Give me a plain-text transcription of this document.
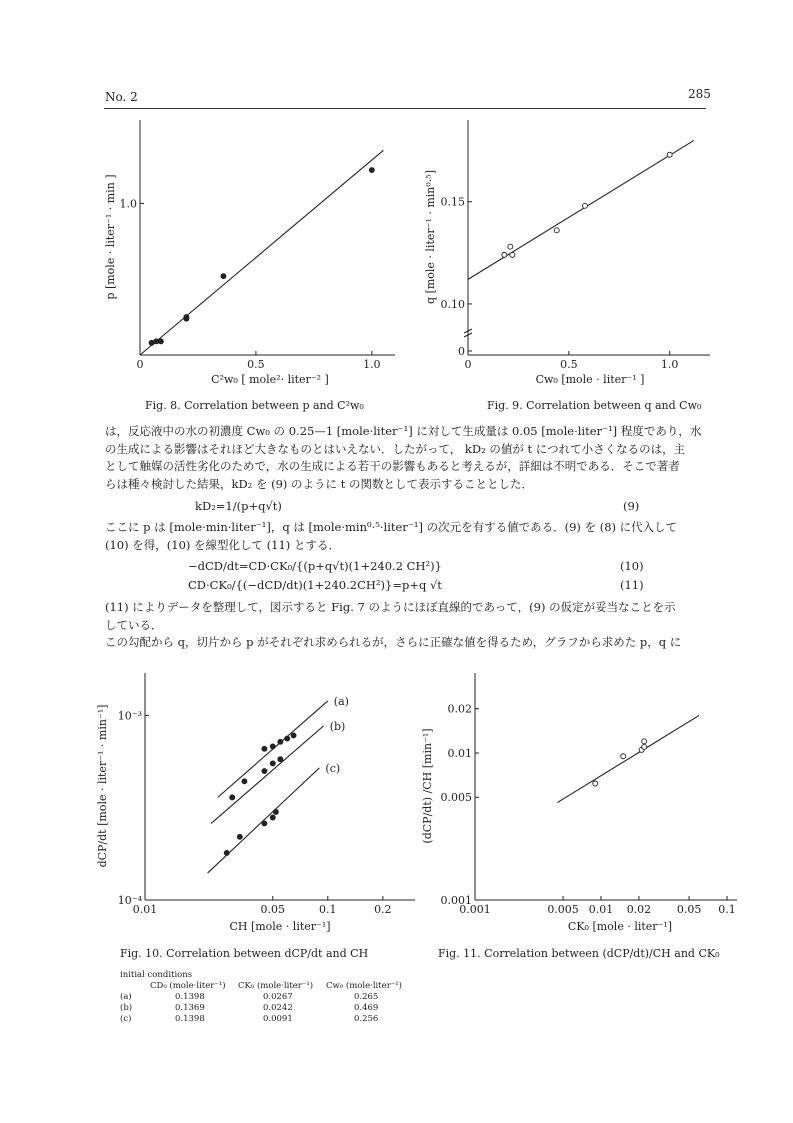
No. 2	285
0	0.5	1.0
1.0
p [mole · liter⁻¹ · min ]
C²w₀ [ mole²· liter⁻² ]
Fig. 8. Correlation between p and C²w₀
0	0.5	1.0
0
0.10
0.15
q [mole · liter⁻¹ · min⁰·⁵]
Cw₀ [mole · liter⁻¹ ]
Fig. 9. Correlation between q and Cw₀

は，反応液中の水の初濃度 Cw₀ の 0.25—1 [mole·liter⁻¹] に対して生成量は 0.05 [mole·liter⁻¹] 程度であり，水

の生成による影響はそれほど大きなものとはいえない．したがって， kD₂ の値が t につれて小さくなるのは，主

として触媒の活性劣化のためで，水の生成による若干の影響もあると考えるが，詳細は不明である．そこで著者

らは種々検討した結果，kD₂ を (9) のように t の関数として表示することとした．

kD₂=1/(p+q√t)	(9)

ここに p は [mole·min·liter⁻¹]，q は [mole·min⁰·⁵·liter⁻¹] の次元を有する値である．(9) を (8) に代入して

(10) を得，(10) を線型化して (11) とする．

−dCD/dt=CD·CK₀/{(p+q√t)(1+240.2 CH²)}	(10)
CD·CK₀/{(−dCD/dt)(1+240.2CH²)}=p+q √t	(11)

(11) によりデータを整理して，図示すると Fig. 7 のようにほぼ直線的であって，(9) の仮定が妥当なことを示

している．

この勾配から q，切片から p がそれぞれ求められるが，さらに正確な値を得るため，グラフから求めた p，q に

0.01	0.05	0.1	0.2
10⁻³
10⁻⁴
(a)
(b)
(c)
dCP/dt [mole · liter⁻¹ · min⁻¹]
CH [mole · liter⁻¹]
Fig. 10. Correlation between dCP/dt and CH
0.001	0.005 0.01 0.02 0.05 0.1
0.001
0.005
0.01
0.02
(dCP/dt) /CH [min⁻¹]
CK₀ [mole · liter⁻¹]
Fig. 11. Correlation between (dCP/dt)/CH and CK₀
initial conditions
CD₀ (mole·liter⁻¹)	CK₀ (mole·liter⁻¹)	Cw₀ (mole·liter⁻¹)
(a)	0.1398	0.0267	0.265
(b)	0.1369	0.0242	0.469
(c)	0.1398	0.0091	0.256
